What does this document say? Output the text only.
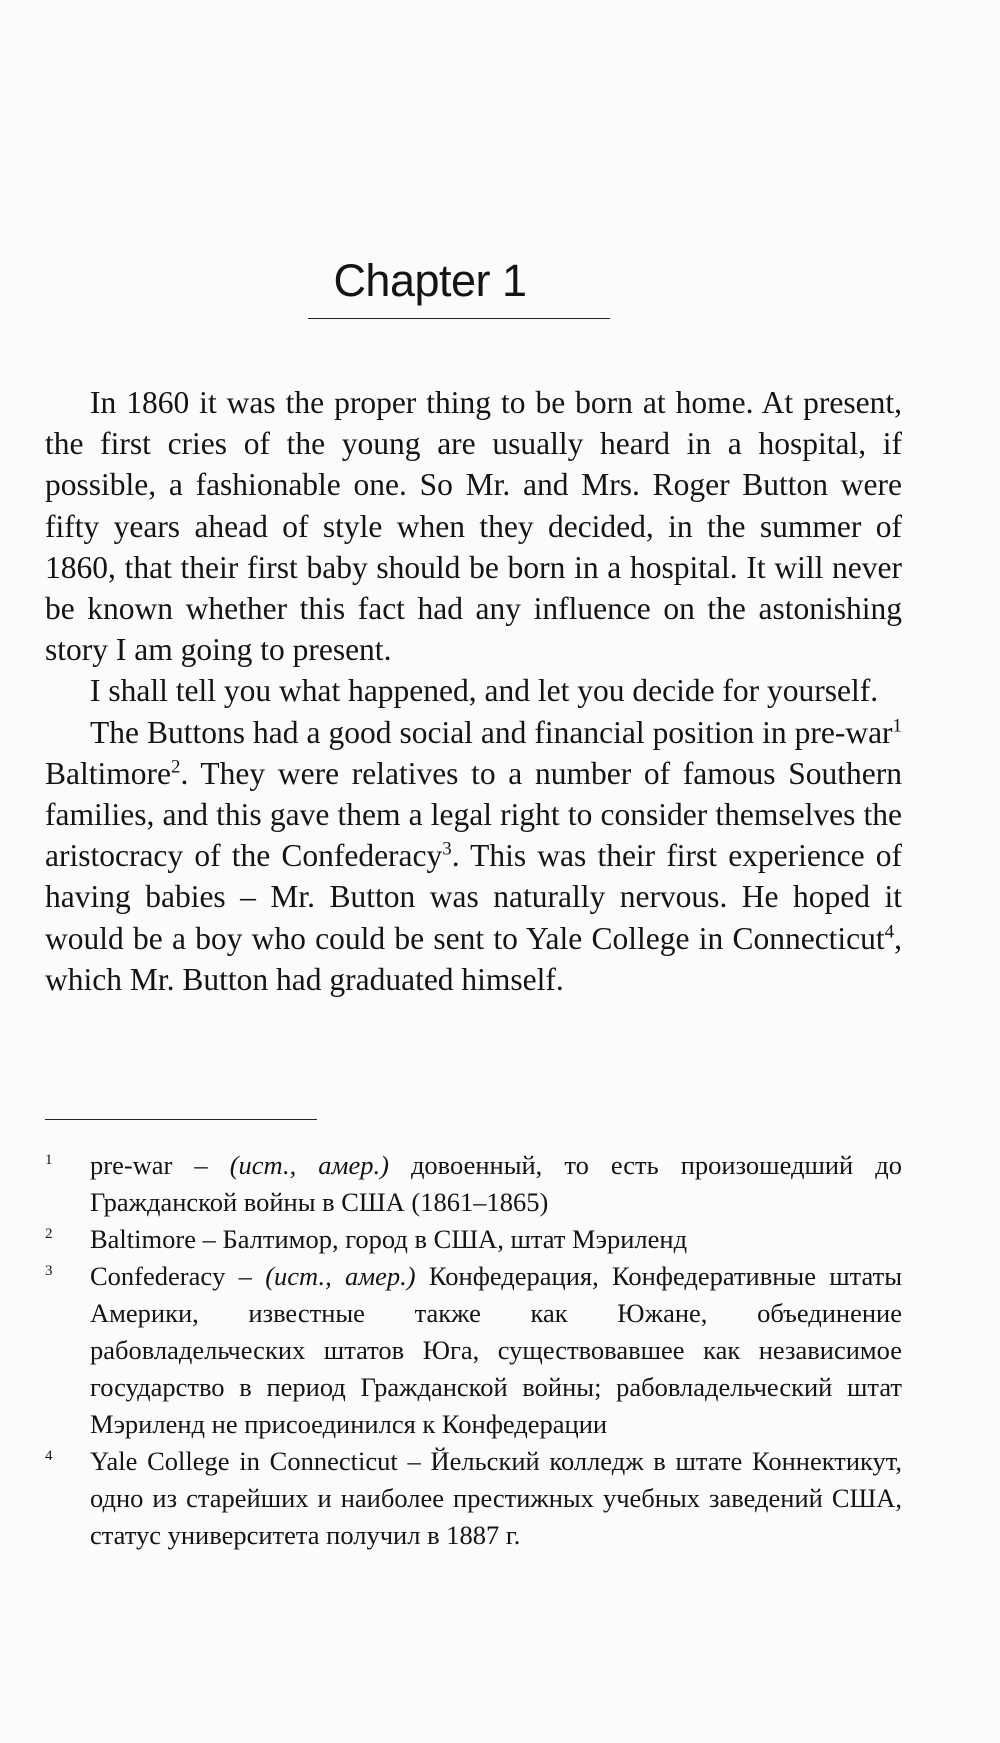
Chapter 1

In 1860 it was the proper thing to be born at home. At present, the first cries of the young are usually heard in a hospital, if possible, a fashionable one. So Mr. and Mrs. Roger Button were fifty years ahead of style when they decided, in the summer of 1860, that their first baby should be born in a hospital. It will never be known whether this fact had any influence on the astonishing story I am going to present.

I shall tell you what happened, and let you decide for yourself.

The Buttons had a good social and financial position in pre-war$^1$ Baltimore$^2$. They were relatives to a number of famous Southern families, and this gave them a legal right to consider themselves the aristocracy of the Confederacy$^3$. This was their first experience of having babies – Mr. Button was naturally nervous. He hoped it would be a boy who could be sent to Yale College in Connecticut$^4$, which Mr. Button had graduated himself.

1	pre-war – (ист., амер.) довоенный, то есть произошедший до Гражданской войны в США (1861–1865)
2	Baltimore – Балтимор, город в США, штат Мэриленд
3	Confederacy – (ист., амер.) Конфедерация, Конфедеративные штаты Америки, известные также как Южане, объединение рабовладельческих штатов Юга, существовавшее как независимое государство в период Гражданской войны; рабовладельческий штат Мэриленд не присоединился к Конфедерации
4	Yale College in Connecticut – Йельский колледж в штате Коннектикут, одно из старейших и наиболее престижных учебных заведений США, статус университета получил в 1887 г.
